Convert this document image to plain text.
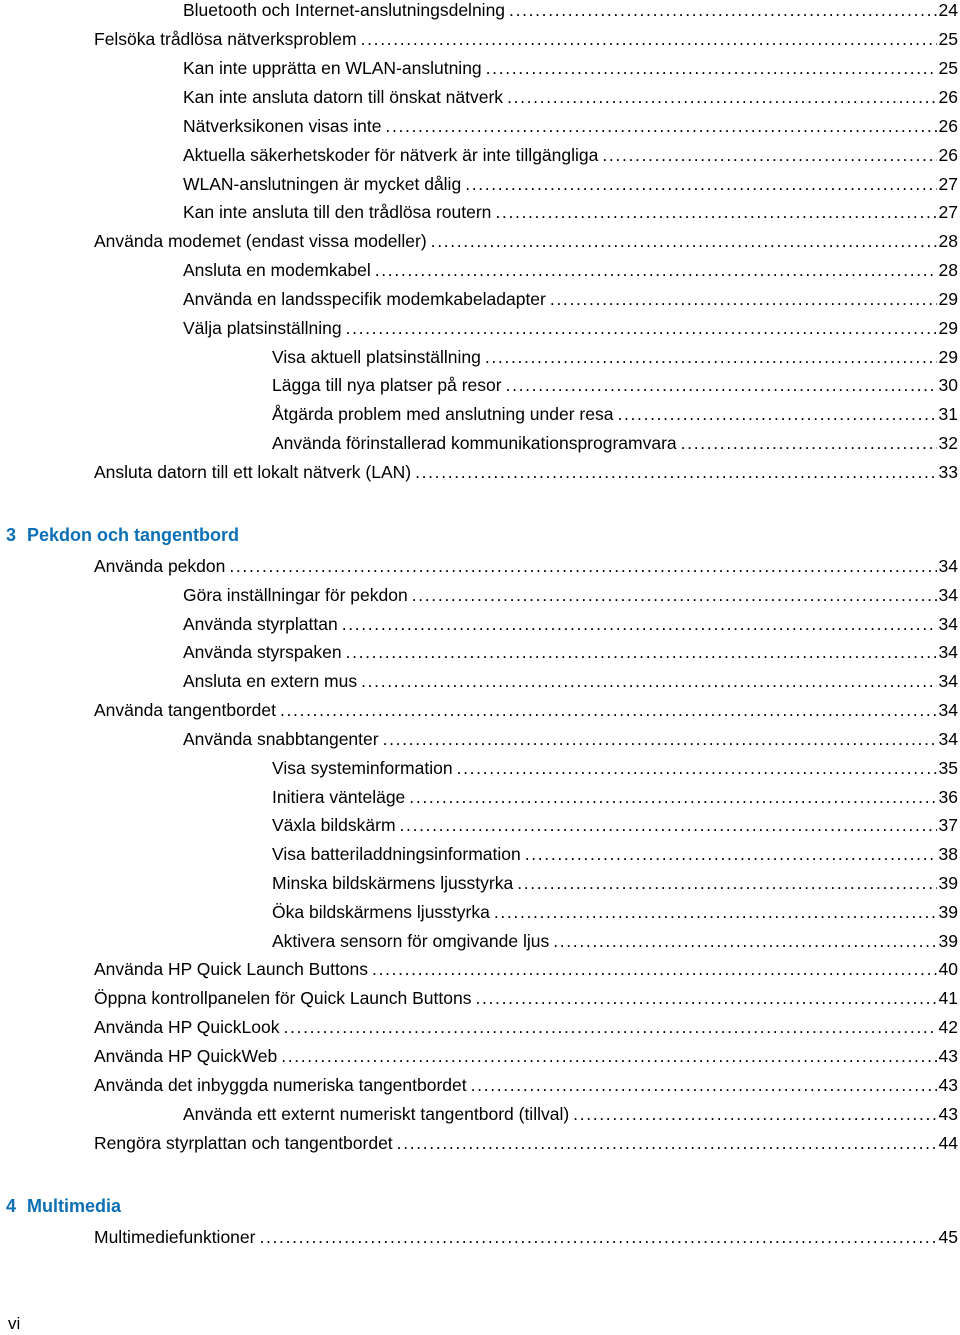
Bluetooth och Internet-anslutningsdelning . . .	24
Felsöka trådlösa nätverksproblem . . .	25
Kan inte upprätta en WLAN-anslutning . . .	25
Kan inte ansluta datorn till önskat nätverk . . .	26
Nätverksikonen visas inte . . .	26
Aktuella säkerhetskoder för nätverk är inte tillgängliga . . .	26
WLAN-anslutningen är mycket dålig . . .	27
Kan inte ansluta till den trådlösa routern . . .	27
Använda modemet (endast vissa modeller) . . .	28
Ansluta en modemkabel . . .	28
Använda en landsspecifik modemkabeladapter . . .	29
Välja platsinställning . . .	29
Visa aktuell platsinställning . . .	29
Lägga till nya platser på resor . . .	30
Åtgärda problem med anslutning under resa . . .	31
Använda förinstallerad kommunikationsprogramvara . . .	32
Ansluta datorn till ett lokalt nätverk (LAN) . . .	33
3 Pekdon och tangentbord
Använda pekdon . . .	34
Göra inställningar för pekdon . . .	34
Använda styrplattan . . .	34
Använda styrspaken . . .	34
Ansluta en extern mus . . .	34
Använda tangentbordet . . .	34
Använda snabbtangenter . . .	34
Visa systeminformation . . .	35
Initiera vänteläge . . .	36
Växla bildskärm . . .	37
Visa batteriladdningsinformation . . .	38
Minska bildskärmens ljusstyrka . . .	39
Öka bildskärmens ljusstyrka . . .	39
Aktivera sensorn för omgivande ljus . . .	39
Använda HP Quick Launch Buttons . . .	40
Öppna kontrollpanelen för Quick Launch Buttons . . .	41
Använda HP QuickLook . . .	42
Använda HP QuickWeb . . .	43
Använda det inbyggda numeriska tangentbordet . . .	43
Använda ett externt numeriskt tangentbord (tillval) . . .	43
Rengöra styrplattan och tangentbordet . . .	44
4 Multimedia
Multimediefunktioner . . .	45
vi
